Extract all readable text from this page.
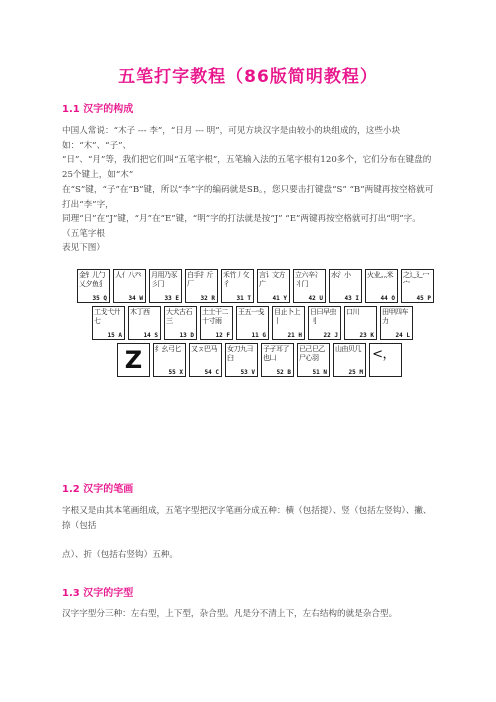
五笔打字教程（86版简明教程）
1.1 汉字的构成
中国人常说：“木子 --- 李”，“日月 --- 明”，可见方块汉字是由较小的块组成的，这些小块如：“木”、“子”、
“日”、“月”等，我们把它们叫“五笔字根”，五笔输入法的五笔字根有120多个，它们分布在键盘的25个键上，如“木”
在“S”键，“子”在“B”键，所以“李”字的编码就是SB。，您只要击打键盘“S” “B”两键再按空格就可打出“李”字，
同理“日”在“J”键，“月”在“E”键，“明”字的打法就是按“J” “E”两键再按空格就可打出“明”字。 （五笔字根
表见下图）
金钅儿勹乂夕鱼犭
35 Q
人亻八癶
34 W
月用乃豕彡冂
33 E
白手扌斤厂
32 R
禾竹丿攵彳
31 T
言讠文方广
41 Y
立六辛冫丬门
42 U
水氵小
43 I
火业灬米
44 O
之辶廴冖宀
45 P
工戈弋廾七
15 A
木丁西
14 S
大犬古石三
13 D
土士干二十寸雨
12 F
王五一戋
11 G
目止卜上丨
21 H
日曰早虫刂
22 J
口川
23 K
田甲四车力
24 L
Z 纟幺弓匕
55 X
又ㄡ巴马
54 C
女刀九彐臼
53 V
子孑耳了也凵
52 B
已己巳乙尸心羽
51 N
山由贝几
25 M
<，
1.2 汉字的笔画
字根又是由其本笔画组成，五笔字型把汉字笔画分成五种：横（包括提）、竖（包括左竖钩）、撇、捺（包括
点）、折（包括右竖钩）五种。
1.3 汉字的字型
汉字字型分三种：左右型，上下型，杂合型。凡是分不清上下，左右结构的就是杂合型。
